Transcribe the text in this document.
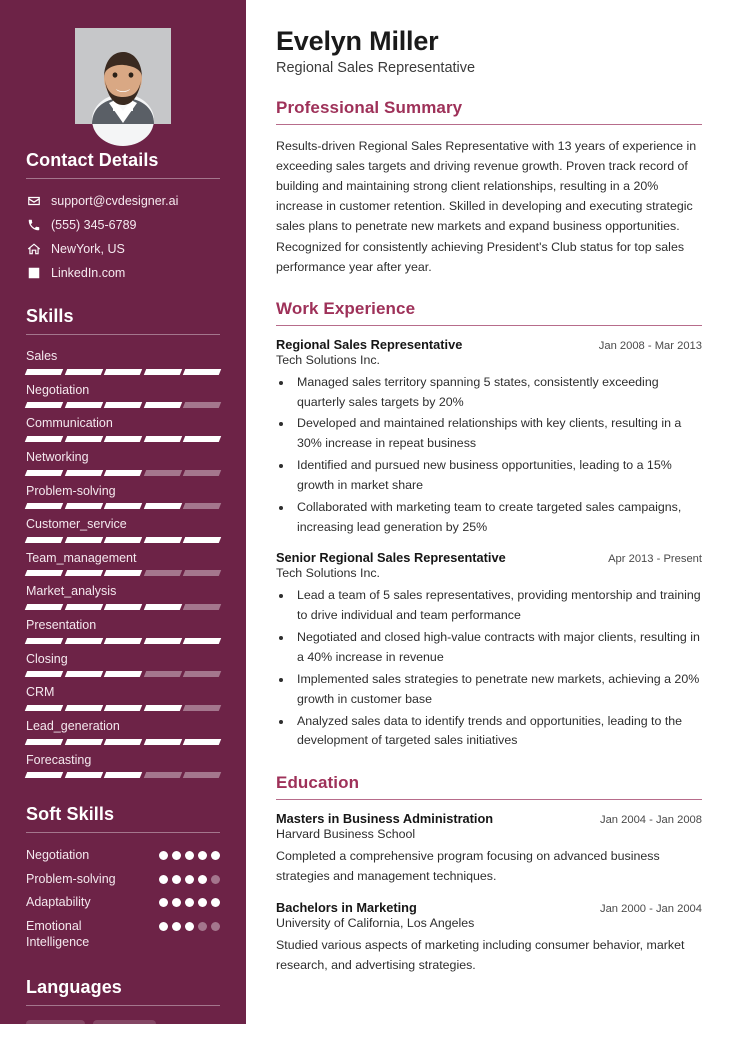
Contact Details
support@cvdesigner.ai
(555) 345-6789
NewYork, US
LinkedIn.com
Skills
Sales
Negotiation
Communication
Networking
Problem-solving
Customer_service
Team_management
Market_analysis
Presentation
Closing
CRM
Lead_generation
Forecasting
Soft Skills
Negotiation
Problem-solving
Adaptability
Emotional Intelligence
Languages
English	Spanish
Evelyn Miller
Regional Sales Representative
Professional Summary

Results-driven Regional Sales Representative with 13 years of experience in exceeding sales targets and driving revenue growth. Proven track record of building and maintaining strong client relationships, resulting in a 20% increase in customer retention. Skilled in developing and executing strategic sales plans to penetrate new markets and expand business opportunities. Recognized for consistently achieving President's Club status for top sales performance year after year.

Work Experience
Regional Sales Representative	Jan 2008 - Mar 2013
Tech Solutions Inc.
• Managed sales territory spanning 5 states, consistently exceeding quarterly sales targets by 20%
• Developed and maintained relationships with key clients, resulting in a 30% increase in repeat business
• Identified and pursued new business opportunities, leading to a 15% growth in market share
• Collaborated with marketing team to create targeted sales campaigns, increasing lead generation by 25%
Senior Regional Sales Representative	Apr 2013 - Present
Tech Solutions Inc.
• Lead a team of 5 sales representatives, providing mentorship and training to drive individual and team performance
• Negotiated and closed high-value contracts with major clients, resulting in a 40% increase in revenue
• Implemented sales strategies to penetrate new markets, achieving a 20% growth in customer base
• Analyzed sales data to identify trends and opportunities, leading to the development of targeted sales initiatives
Education
Masters in Business Administration	Jan 2004 - Jan 2008
Harvard Business School
Completed a comprehensive program focusing on advanced business strategies and management techniques.
Bachelors in Marketing	Jan 2000 - Jan 2004
University of California, Los Angeles
Studied various aspects of marketing including consumer behavior, market research, and advertising strategies.
